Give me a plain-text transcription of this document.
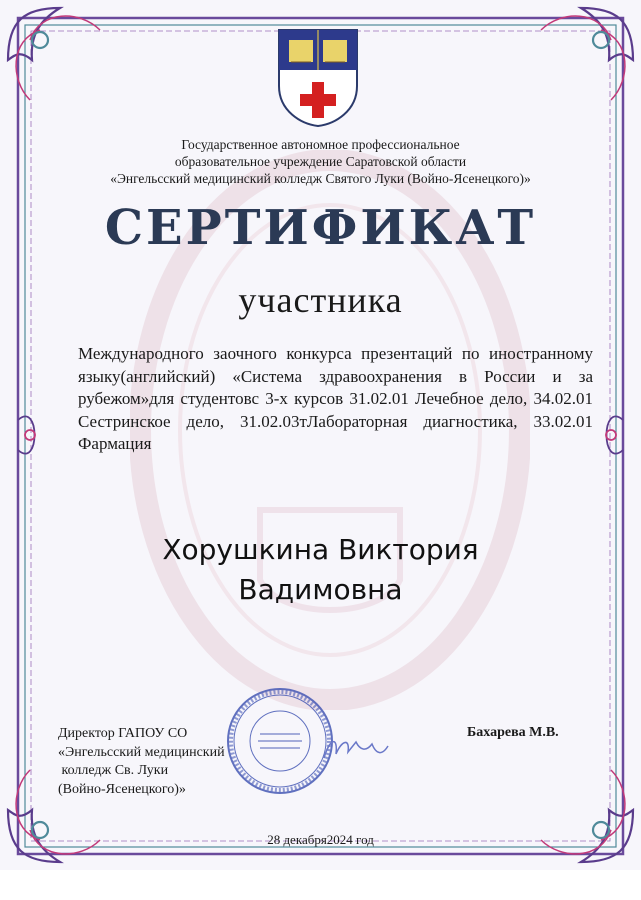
Государственное автономное профессиональное
образовательное учреждение Саратовской области
«Энгельсский медицинский колледж Святого Луки (Войно-Ясенецкого)»
СЕРТИФИКАТ
участника
Международного заочного конкурса презентаций по иностранному языку(английский) «Система здравоохранения в России и за рубежом»для студентовс 3-х курсов 31.02.01 Лечебное дело, 34.02.01 Сестринское дело, 31.02.03тЛабораторная диагностика, 33.02.01 Фармация
Хорушкина Виктория
Вадимовна
Директор ГАПОУ СО
«Энгельсский медицинский
колледж Св. Луки
(Войно-Ясенецкого)»
Бахарева М.В.
28 декабря2024 год
